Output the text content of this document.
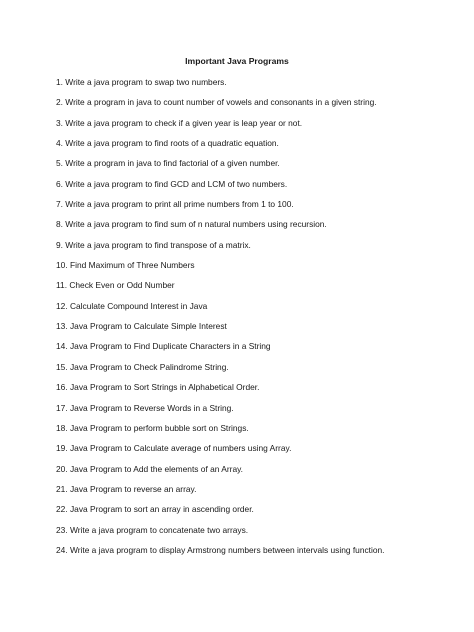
Important Java Programs
1. Write a java program to swap two numbers.
2. Write a program in java to count number of vowels and consonants in a given string.
3. Write a java program to check if a given year is leap year or not.
4. Write a java program to find roots of a quadratic equation.
5. Write a program in java to find factorial of a given number.
6. Write a java program to find GCD and LCM of two numbers.
7. Write a java program to print all prime numbers from 1 to 100.
8. Write a java program to find sum of n natural numbers using recursion.
9. Write a java program to find transpose of a matrix.
10. Find Maximum of Three Numbers
11. Check Even or Odd Number
12. Calculate Compound Interest in Java
13. Java Program to Calculate Simple Interest
14. Java Program to Find Duplicate Characters in a String
15. Java Program to Check Palindrome String.
16. Java Program to Sort Strings in Alphabetical Order.
17. Java Program to Reverse Words in a String.
18. Java Program to perform bubble sort on Strings.
19. Java Program to Calculate average of numbers using Array.
20. Java Program to Add the elements of an Array.
21. Java Program to reverse an array.
22. Java Program to sort an array in ascending order.
23. Write a java program to concatenate two arrays.
24. Write a java program to display Armstrong numbers between intervals using function.
